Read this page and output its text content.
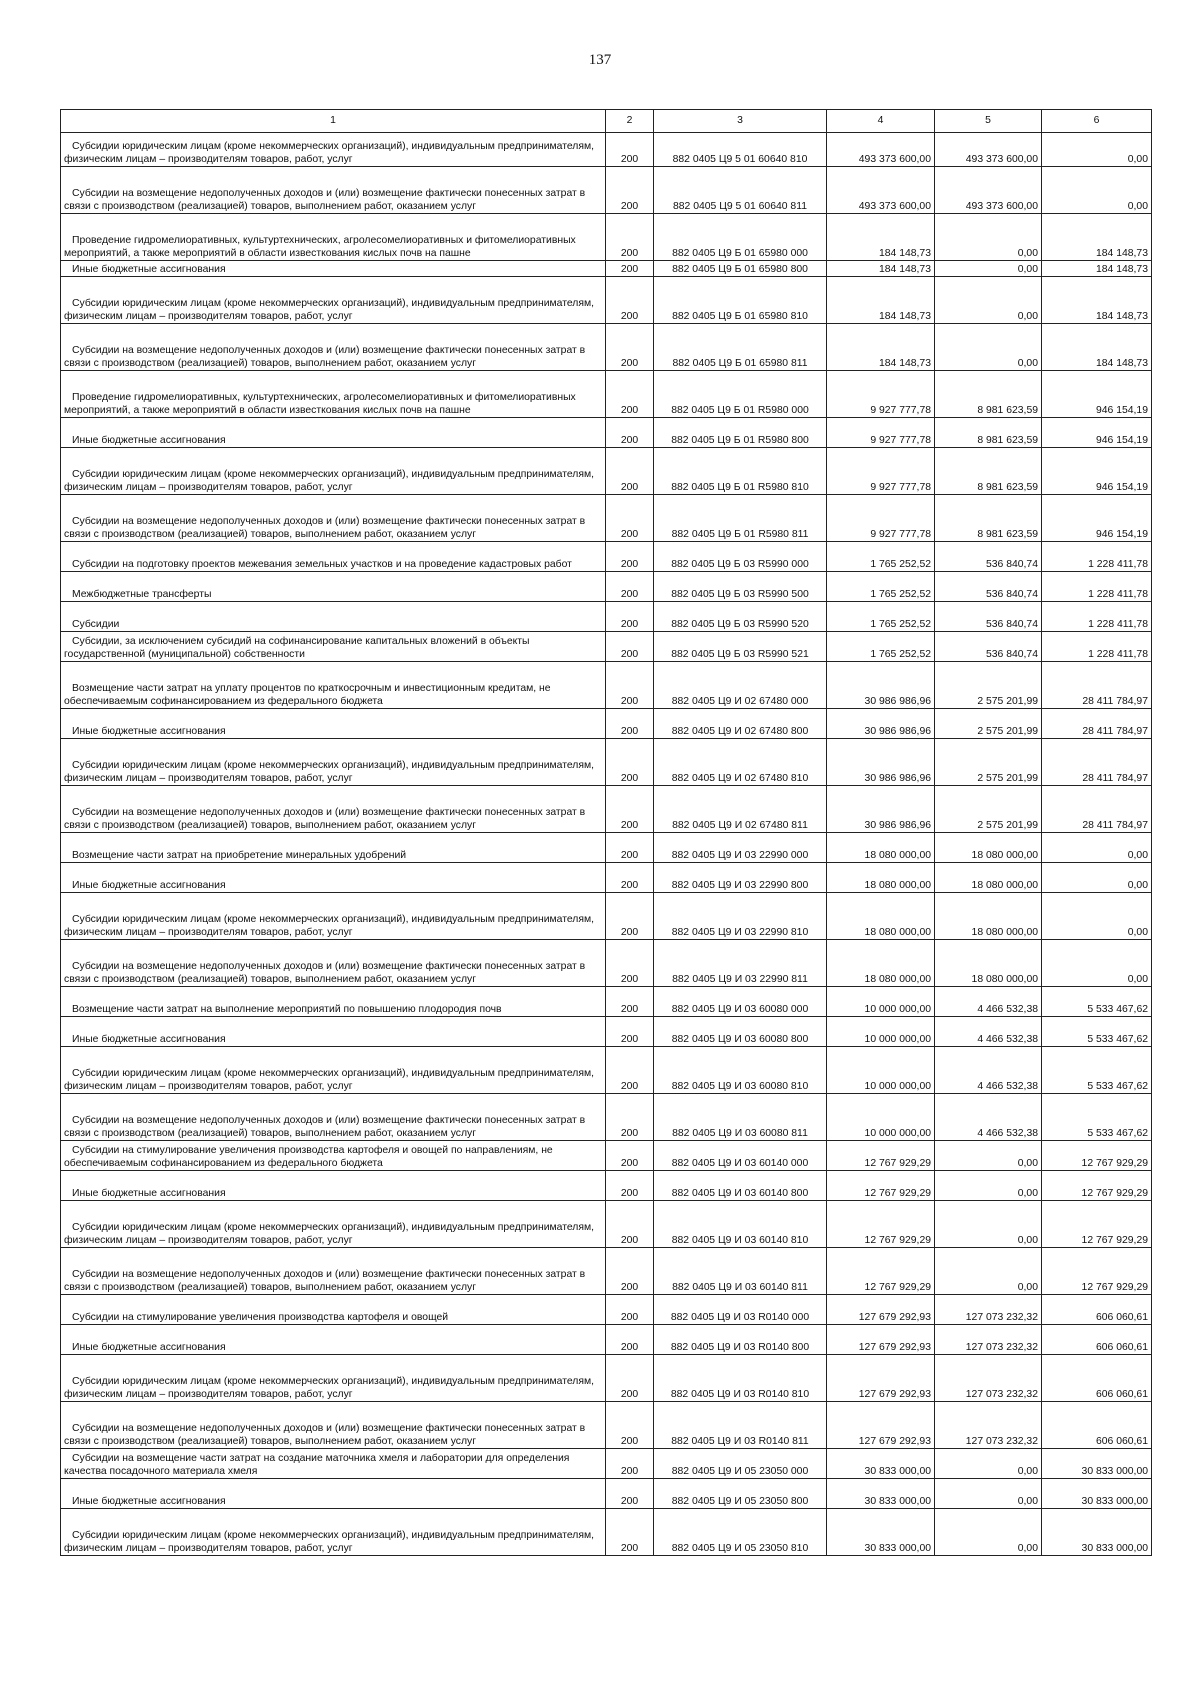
137
1	2	3	4	5	6
Субсидии юридическим лицам (кроме некоммерческих организаций), индивидуальным предпринимателям, физическим лицам – производителям товаров, работ, услуг	200	882 0405 Ц9 5 01 60640 810	493 373 600,00	493 373 600,00	0,00
Субсидии на возмещение недополученных доходов и (или) возмещение фактически понесенных затрат в связи с производством (реализацией) товаров, выполнением работ, оказанием услуг	200	882 0405 Ц9 5 01 60640 811	493 373 600,00	493 373 600,00	0,00
Проведение гидромелиоративных, культуртехнических, агролесомелиоративных и фитомелиоративных мероприятий, а также мероприятий в области известкования кислых почв на пашне	200	882 0405 Ц9 Б 01 65980 000	184 148,73	0,00	184 148,73
Иные бюджетные ассигнования	200	882 0405 Ц9 Б 01 65980 800	184 148,73	0,00	184 148,73
Субсидии юридическим лицам (кроме некоммерческих организаций), индивидуальным предпринимателям, физическим лицам – производителям товаров, работ, услуг	200	882 0405 Ц9 Б 01 65980 810	184 148,73	0,00	184 148,73
Субсидии на возмещение недополученных доходов и (или) возмещение фактически понесенных затрат в связи с производством (реализацией) товаров, выполнением работ, оказанием услуг	200	882 0405 Ц9 Б 01 65980 811	184 148,73	0,00	184 148,73
Проведение гидромелиоративных, культуртехнических, агролесомелиоративных и фитомелиоративных мероприятий, а также мероприятий в области известкования кислых почв на пашне	200	882 0405 Ц9 Б 01 R5980 000	9 927 777,78	8 981 623,59	946 154,19
Иные бюджетные ассигнования	200	882 0405 Ц9 Б 01 R5980 800	9 927 777,78	8 981 623,59	946 154,19
Субсидии юридическим лицам (кроме некоммерческих организаций), индивидуальным предпринимателям, физическим лицам – производителям товаров, работ, услуг	200	882 0405 Ц9 Б 01 R5980 810	9 927 777,78	8 981 623,59	946 154,19
Субсидии на возмещение недополученных доходов и (или) возмещение фактически понесенных затрат в связи с производством (реализацией) товаров, выполнением работ, оказанием услуг	200	882 0405 Ц9 Б 01 R5980 811	9 927 777,78	8 981 623,59	946 154,19
Субсидии на подготовку проектов межевания земельных участков и на проведение кадастровых работ	200	882 0405 Ц9 Б 03 R5990 000	1 765 252,52	536 840,74	1 228 411,78
Межбюджетные трансферты	200	882 0405 Ц9 Б 03 R5990 500	1 765 252,52	536 840,74	1 228 411,78
Субсидии	200	882 0405 Ц9 Б 03 R5990 520	1 765 252,52	536 840,74	1 228 411,78
Субсидии, за исключением субсидий на софинансирование капитальных вложений в объекты государственной (муниципальной) собственности	200	882 0405 Ц9 Б 03 R5990 521	1 765 252,52	536 840,74	1 228 411,78
Возмещение части затрат на уплату процентов по краткосрочным и инвестиционным кредитам, не обеспечиваемым софинансированием из федерального бюджета	200	882 0405 Ц9 И 02 67480 000	30 986 986,96	2 575 201,99	28 411 784,97
Иные бюджетные ассигнования	200	882 0405 Ц9 И 02 67480 800	30 986 986,96	2 575 201,99	28 411 784,97
Субсидии юридическим лицам (кроме некоммерческих организаций), индивидуальным предпринимателям, физическим лицам – производителям товаров, работ, услуг	200	882 0405 Ц9 И 02 67480 810	30 986 986,96	2 575 201,99	28 411 784,97
Субсидии на возмещение недополученных доходов и (или) возмещение фактически понесенных затрат в связи с производством (реализацией) товаров, выполнением работ, оказанием услуг	200	882 0405 Ц9 И 02 67480 811	30 986 986,96	2 575 201,99	28 411 784,97
Возмещение части затрат на приобретение минеральных удобрений	200	882 0405 Ц9 И 03 22990 000	18 080 000,00	18 080 000,00	0,00
Иные бюджетные ассигнования	200	882 0405 Ц9 И 03 22990 800	18 080 000,00	18 080 000,00	0,00
Субсидии юридическим лицам (кроме некоммерческих организаций), индивидуальным предпринимателям, физическим лицам – производителям товаров, работ, услуг	200	882 0405 Ц9 И 03 22990 810	18 080 000,00	18 080 000,00	0,00
Субсидии на возмещение недополученных доходов и (или) возмещение фактически понесенных затрат в связи с производством (реализацией) товаров, выполнением работ, оказанием услуг	200	882 0405 Ц9 И 03 22990 811	18 080 000,00	18 080 000,00	0,00
Возмещение части затрат на выполнение мероприятий по повышению плодородия почв	200	882 0405 Ц9 И 03 60080 000	10 000 000,00	4 466 532,38	5 533 467,62
Иные бюджетные ассигнования	200	882 0405 Ц9 И 03 60080 800	10 000 000,00	4 466 532,38	5 533 467,62
Субсидии юридическим лицам (кроме некоммерческих организаций), индивидуальным предпринимателям, физическим лицам – производителям товаров, работ, услуг	200	882 0405 Ц9 И 03 60080 810	10 000 000,00	4 466 532,38	5 533 467,62
Субсидии на возмещение недополученных доходов и (или) возмещение фактически понесенных затрат в связи с производством (реализацией) товаров, выполнением работ, оказанием услуг	200	882 0405 Ц9 И 03 60080 811	10 000 000,00	4 466 532,38	5 533 467,62
Субсидии на стимулирование увеличения производства картофеля и овощей по направлениям, не обеспечиваемым софинансированием из федерального бюджета	200	882 0405 Ц9 И 03 60140 000	12 767 929,29	0,00	12 767 929,29
Иные бюджетные ассигнования	200	882 0405 Ц9 И 03 60140 800	12 767 929,29	0,00	12 767 929,29
Субсидии юридическим лицам (кроме некоммерческих организаций), индивидуальным предпринимателям, физическим лицам – производителям товаров, работ, услуг	200	882 0405 Ц9 И 03 60140 810	12 767 929,29	0,00	12 767 929,29
Субсидии на возмещение недополученных доходов и (или) возмещение фактически понесенных затрат в связи с производством (реализацией) товаров, выполнением работ, оказанием услуг	200	882 0405 Ц9 И 03 60140 811	12 767 929,29	0,00	12 767 929,29
Субсидии на стимулирование увеличения производства картофеля и овощей	200	882 0405 Ц9 И 03 R0140 000	127 679 292,93	127 073 232,32	606 060,61
Иные бюджетные ассигнования	200	882 0405 Ц9 И 03 R0140 800	127 679 292,93	127 073 232,32	606 060,61
Субсидии юридическим лицам (кроме некоммерческих организаций), индивидуальным предпринимателям, физическим лицам – производителям товаров, работ, услуг	200	882 0405 Ц9 И 03 R0140 810	127 679 292,93	127 073 232,32	606 060,61
Субсидии на возмещение недополученных доходов и (или) возмещение фактически понесенных затрат в связи с производством (реализацией) товаров, выполнением работ, оказанием услуг	200	882 0405 Ц9 И 03 R0140 811	127 679 292,93	127 073 232,32	606 060,61
Субсидии на возмещение части затрат на создание маточника хмеля и лаборатории для определения качества посадочного материала хмеля	200	882 0405 Ц9 И 05 23050 000	30 833 000,00	0,00	30 833 000,00
Иные бюджетные ассигнования	200	882 0405 Ц9 И 05 23050 800	30 833 000,00	0,00	30 833 000,00
Субсидии юридическим лицам (кроме некоммерческих организаций), индивидуальным предпринимателям, физическим лицам – производителям товаров, работ, услуг	200	882 0405 Ц9 И 05 23050 810	30 833 000,00	0,00	30 833 000,00
